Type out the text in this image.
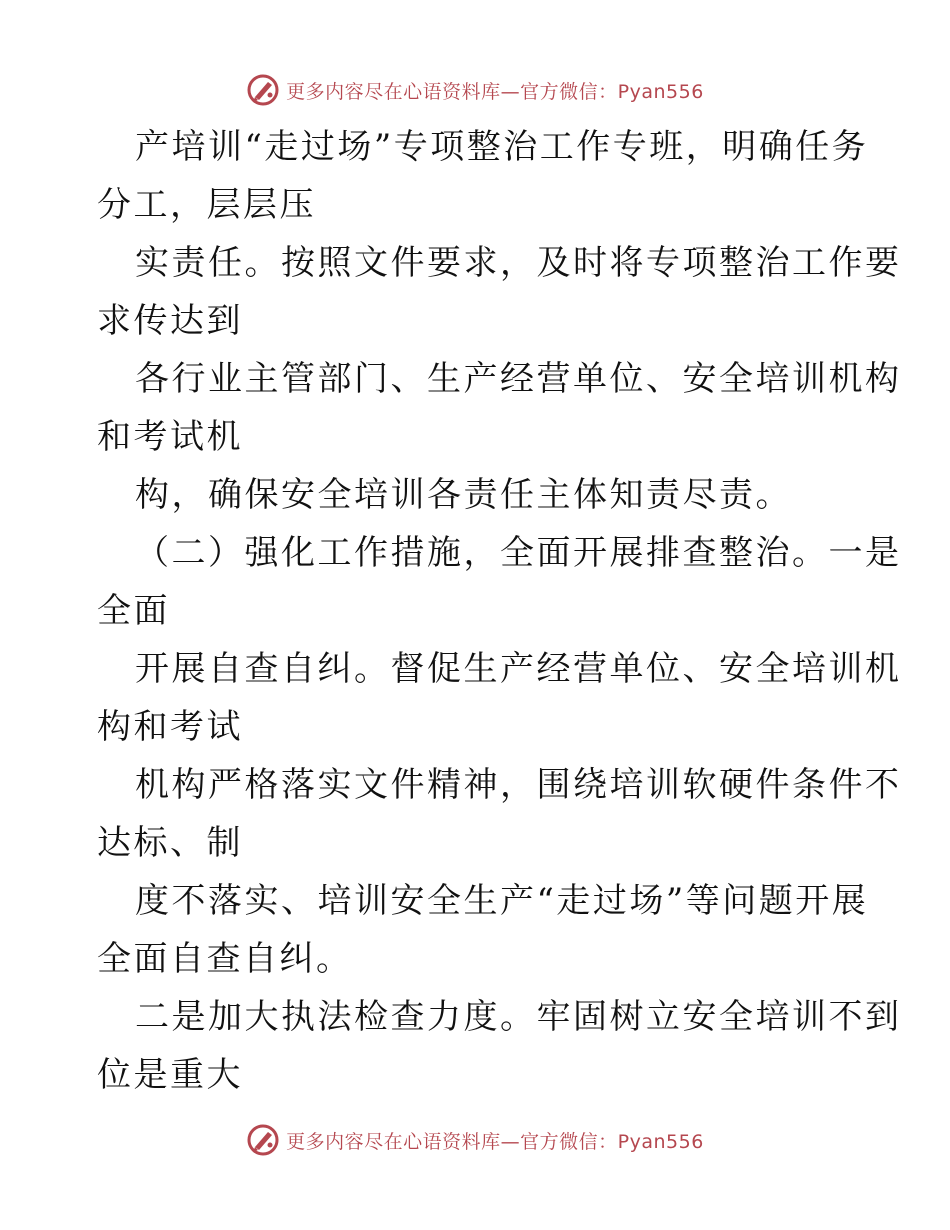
更多内容尽在心语资料库—官方微信：Pyan556
产培训“走过场”专项整治工作专班，明确任务
分工，层层压
实责任。按照文件要求，及时将专项整治工作要
求传达到
各行业主管部门、生产经营单位、安全培训机构
和考试机
构，确保安全培训各责任主体知责尽责。
（二）强化工作措施，全面开展排查整治。一是
全面
开展自查自纠。督促生产经营单位、安全培训机
构和考试
机构严格落实文件精神，围绕培训软硬件条件不
达标、制
度不落实、培训安全生产“走过场”等问题开展
全面自查自纠。
二是加大执法检查力度。牢固树立安全培训不到
位是重大
更多内容尽在心语资料库—官方微信：Pyan556
